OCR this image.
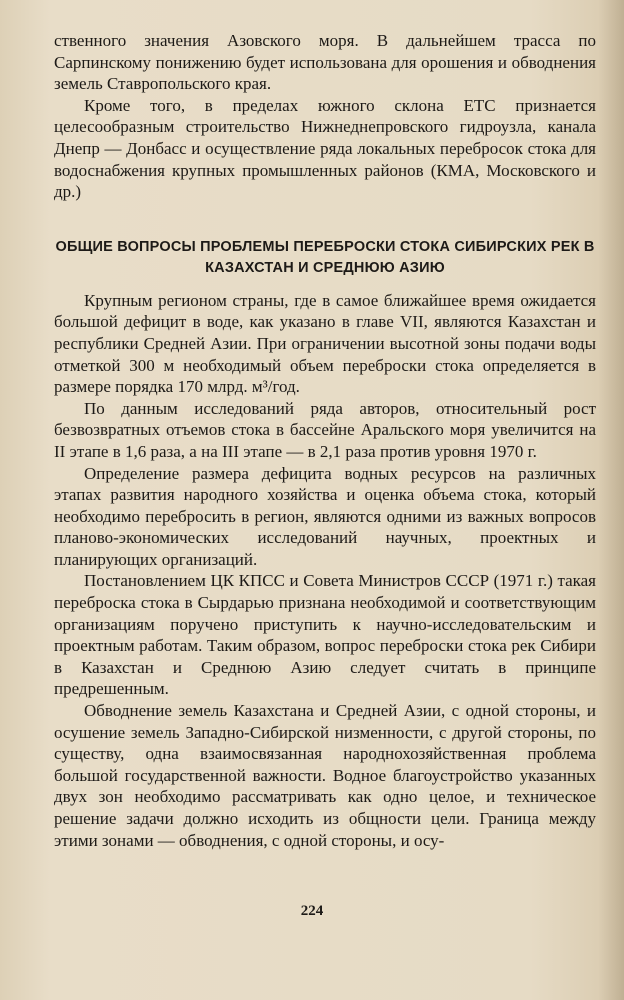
ственного значения Азовского моря. В дальнейшем трасса по Сарпинскому понижению будет использована для орошения и обводнения земель Ставропольского края.

Кроме того, в пределах южного склона ЕТС признается целесообразным строительство Нижнеднепровского гидроузла, канала Днепр — Донбасс и осуществление ряда локальных перебросок стока для водоснабжения крупных промышленных районов (КМА, Московского и др.)

ОБЩИЕ ВОПРОСЫ ПРОБЛЕМЫ ПЕРЕБРОСКИ СТОКА СИБИРСКИХ РЕК В КАЗАХСТАН И СРЕДНЮЮ АЗИЮ

Крупным регионом страны, где в самое ближайшее время ожидается большой дефицит в воде, как указано в главе VII, являются Казахстан и республики Средней Азии. При ограничении высотной зоны подачи воды отметкой 300 м необходимый объем переброски стока определяется в размере порядка 170 млрд. м³/год.

По данным исследований ряда авторов, относительный рост безвозвратных отъемов стока в бассейне Аральского моря увеличится на II этапе в 1,6 раза, а на III этапе — в 2,1 раза против уровня 1970 г.

Определение размера дефицита водных ресурсов на различных этапах развития народного хозяйства и оценка объема стока, который необходимо перебросить в регион, являются одними из важных вопросов планово-экономических исследований научных, проектных и планирующих организаций.

Постановлением ЦК КПСС и Совета Министров СССР (1971 г.) такая переброска стока в Сырдарью признана необходимой и соответствующим организациям поручено приступить к научно-исследовательским и проектным работам. Таким образом, вопрос переброски стока рек Сибири в Казахстан и Среднюю Азию следует считать в принципе предрешенным.

Обводнение земель Казахстана и Средней Азии, с одной стороны, и осушение земель Западно-Сибирской низменности, с другой стороны, по существу, одна взаимосвязанная народнохозяйственная проблема большой государственной важности. Водное благоустройство указанных двух зон необходимо рассматривать как одно целое, и техническое решение задачи должно исходить из общности цели. Граница между этими зонами — обводнения, с одной стороны, и осу-

224
